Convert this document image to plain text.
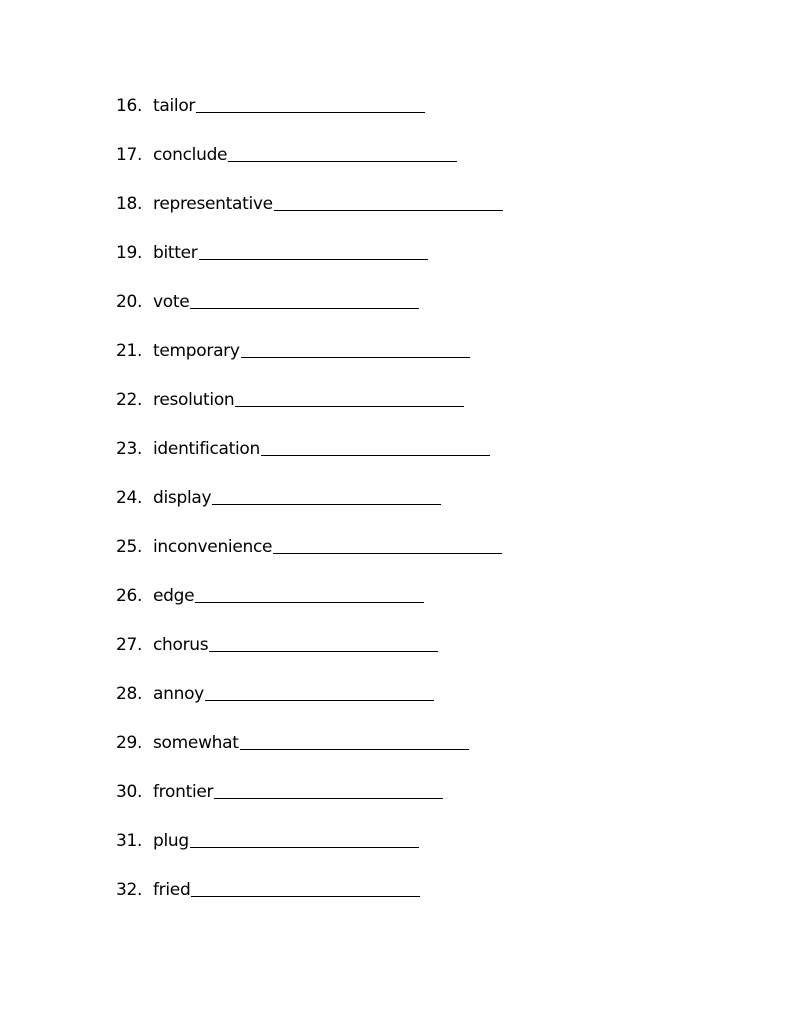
16. tailor
17. conclude
18. representative
19. bitter
20. vote
21. temporary
22. resolution
23. identification
24. display
25. inconvenience
26. edge
27. chorus
28. annoy
29. somewhat
30. frontier
31. plug
32. fried
